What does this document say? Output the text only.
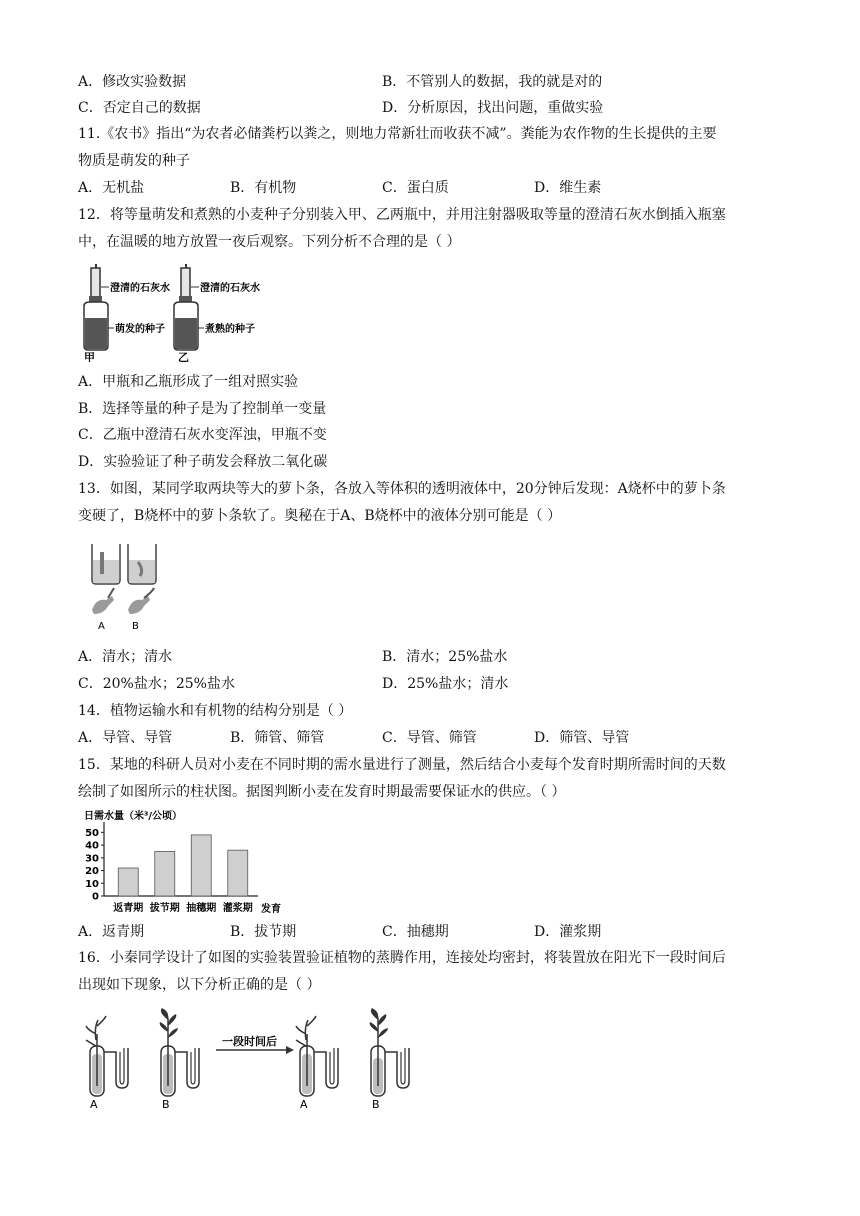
A．修改实验数据	B．不管别人的数据，我的就是对的
C．否定自己的数据	D．分析原因，找出问题，重做实验
11.《农书》指出“为农者必储粪朽以粪之，则地力常新壮而收获不减”。粪能为农作物的生长提供的主要
物质是萌发的种子
A．无机盐	B．有机物	C．蛋白质	D．维生素
12．将等量萌发和煮熟的小麦种子分别装入甲、乙两瓶中，并用注射器吸取等量的澄清石灰水倒插入瓶塞
中，在温暖的地方放置一夜后观察。下列分析不合理的是（ ）
澄清的石灰水	澄清的石灰水
萌发的种子	煮熟的种子
甲	乙
A．甲瓶和乙瓶形成了一组对照实验
B．选择等量的种子是为了控制单一变量
C．乙瓶中澄清石灰水变浑浊，甲瓶不变
D．实验验证了种子萌发会释放二氧化碳
13．如图，某同学取两块等大的萝卜条，各放入等体积的透明液体中，20分钟后发现：A烧杯中的萝卜条
变硬了，B烧杯中的萝卜条软了。奥秘在于A、B烧杯中的液体分别可能是（ ）
A	B
A．清水；清水	B．清水；25%盐水
C．20%盐水；25%盐水	D．25%盐水；清水
14．植物运输水和有机物的结构分别是（ ）
A．导管、导管	B．筛管、筛管	C．导管、筛管	D．筛管、导管
15．某地的科研人员对小麦在不同时期的需水量进行了测量，然后结合小麦每个发育时期所需时间的天数
绘制了如图所示的柱状图。据图判断小麦在发育时期最需要保证水的供应。（ ）
日需水量（米³/公顷）
0
10
20
30
40
50
返青期 拔节期 抽穗期 灌浆期 发育
A．返青期	B．拔节期	C．抽穗期	D．灌浆期
16．小秦同学设计了如图的实验装置验证植物的蒸腾作用，连接处均密封，将装置放在阳光下一段时间后
出现如下现象，以下分析正确的是（ ）
一段时间后
A	B	A	B
